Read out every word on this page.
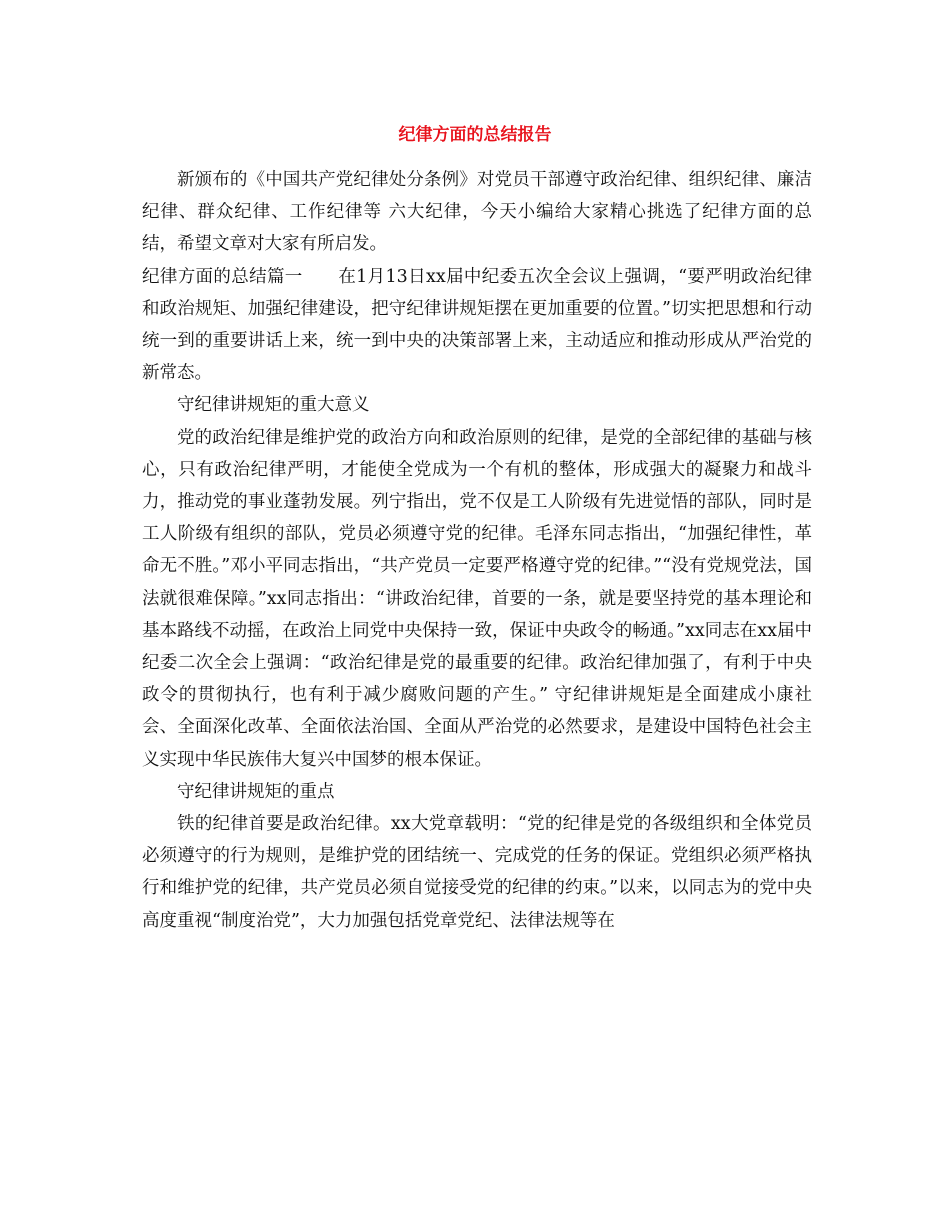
纪律方面的总结报告

新颁布的《中国共产党纪律处分条例》对党员干部遵守政治纪律、组织纪律、廉洁纪律、群众纪律、工作纪律等 六大纪律，今天小编给大家精心挑选了纪律方面的总结，希望文章对大家有所启发。

纪律方面的总结篇一　　在1月13日xx届中纪委五次全会议上强调，“要严明政治纪律和政治规矩、加强纪律建设，把守纪律讲规矩摆在更加重要的位置。”切实把思想和行动统一到的重要讲话上来，统一到中央的决策部署上来，主动适应和推动形成从严治党的新常态。

守纪律讲规矩的重大意义

党的政治纪律是维护党的政治方向和政治原则的纪律，是党的全部纪律的基础与核心，只有政治纪律严明，才能使全党成为一个有机的整体，形成强大的凝聚力和战斗力，推动党的事业蓬勃发展。列宁指出，党不仅是工人阶级有先进觉悟的部队，同时是工人阶级有组织的部队，党员必须遵守党的纪律。毛泽东同志指出，“加强纪律性，革命无不胜。”邓小平同志指出，“共产党员一定要严格遵守党的纪律。”“没有党规党法，国法就很难保障。”xx同志指出：“讲政治纪律，首要的一条，就是要坚持党的基本理论和基本路线不动摇，在政治上同党中央保持一致，保证中央政令的畅通。”xx同志在xx届中纪委二次全会上强调：“政治纪律是党的最重要的纪律。政治纪律加强了，有利于中央政令的贯彻执行，也有利于减少腐败问题的产生。” 守纪律讲规矩是全面建成小康社会、全面深化改革、全面依法治国、全面从严治党的必然要求，是建设中国特色社会主义实现中华民族伟大复兴中国梦的根本保证。

守纪律讲规矩的重点

铁的纪律首要是政治纪律。xx大党章载明：“党的纪律是党的各级组织和全体党员必须遵守的行为规则，是维护党的团结统一、完成党的任务的保证。党组织必须严格执行和维护党的纪律，共产党员必须自觉接受党的纪律的约束。”以来，以同志为的党中央高度重视“制度治党”，大力加强包括党章党纪、法律法规等在
